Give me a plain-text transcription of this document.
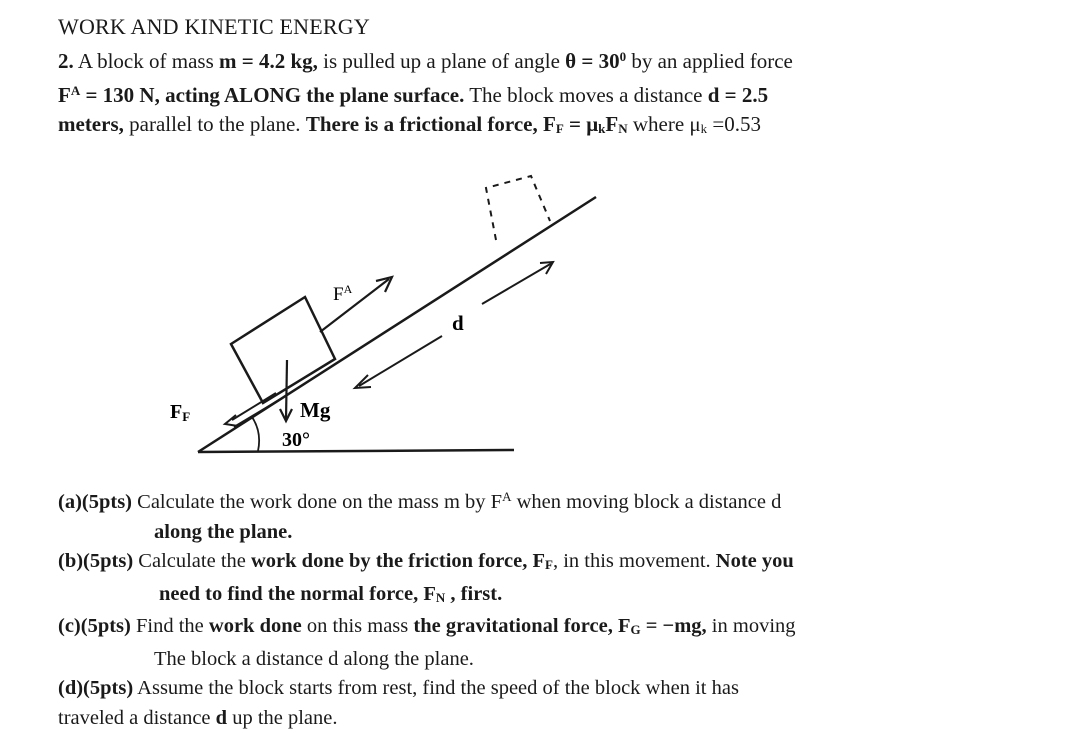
WORK AND KINETIC ENERGY
2. A block of mass m = 4.2 kg, is pulled up a plane of angle $\theta = 30^0$ by an applied force
$F^A = 130$ N, acting ALONG the plane surface. The block moves a distance d = 2.5
meters, parallel to the plane. There is a frictional force, $F_F = \mu_kF_N$ where $\mu_k =0.53$
$F^A$
d
FF	Mg
30°
(a)(5pts) Calculate the work done on the mass m by $F^A$ when moving block a distance d
along the plane.
(b)(5pts) Calculate the work done by the friction force, $F_F$, in this movement. Note you
need to find the normal force, $F_N$ , first.
(c)(5pts) Find the work done on this mass the gravitational force, $F_G = -mg$, in moving
The block a distance d along the plane.
(d)(5pts) Assume the block starts from rest, find the speed of the block when it has
traveled a distance d up the plane.
